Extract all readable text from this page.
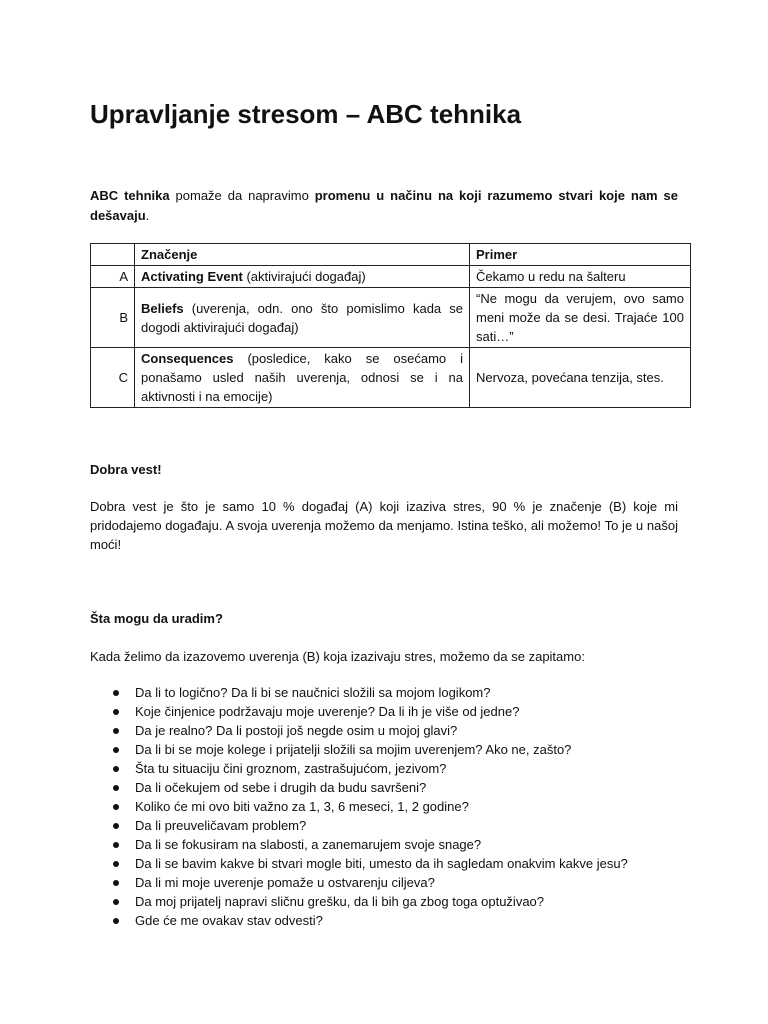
Upravljanje stresom – ABC tehnika

ABC tehnika pomaže da napravimo promenu u načinu na koji razumemo stvari koje nam se dešavaju.

	Značenje	Primer
A	Activating Event (aktivirajući događaj)	Čekamo u redu na šalteru
B	Beliefs (uverenja, odn. ono što pomislimo kada se dogodi aktivirajući događaj)	“Ne mogu da verujem, ovo samo meni može da se desi. Trajaće 100 sati…”
C	Consequences (posledice, kako se osećamo i ponašamo usled naših uverenja, odnosi se i na aktivnosti i na emocije)	Nervoza, povećana tenzija, stes.

Dobra vest!

Dobra vest je što je samo 10 % događaj (A) koji izaziva stres, 90 % je značenje (B) koje mi pridodajemo događaju. A svoja uverenja možemo da menjamo. Istina teško, ali možemo! To je u našoj moći!

Šta mogu da uradim?

Kada želimo da izazovemo uverenja (B) koja izazivaju stres, možemo da se zapitamo:

Da li to logično? Da li bi se naučnici složili sa mojom logikom?
Koje činjenice podržavaju moje uverenje? Da li ih je više od jedne?
Da je realno? Da li postoji još negde osim u mojoj glavi?
Da li bi se moje kolege i prijatelji složili sa mojim uverenjem? Ako ne, zašto?
Šta tu situaciju čini groznom, zastrašujućom, jezivom?
Da li očekujem od sebe i drugih da budu savršeni?
Koliko će mi ovo biti važno za 1, 3, 6 meseci, 1, 2 godine?
Da li preuveličavam problem?
Da li se fokusiram na slabosti, a zanemarujem svoje snage?
Da li se bavim kakve bi stvari mogle biti, umesto da ih sagledam onakvim kakve jesu?
Da li mi moje uverenje pomaže u ostvarenju ciljeva?
Da moj prijatelj napravi sličnu grešku, da li bih ga zbog toga optuživao?
Gde će me ovakav stav odvesti?
